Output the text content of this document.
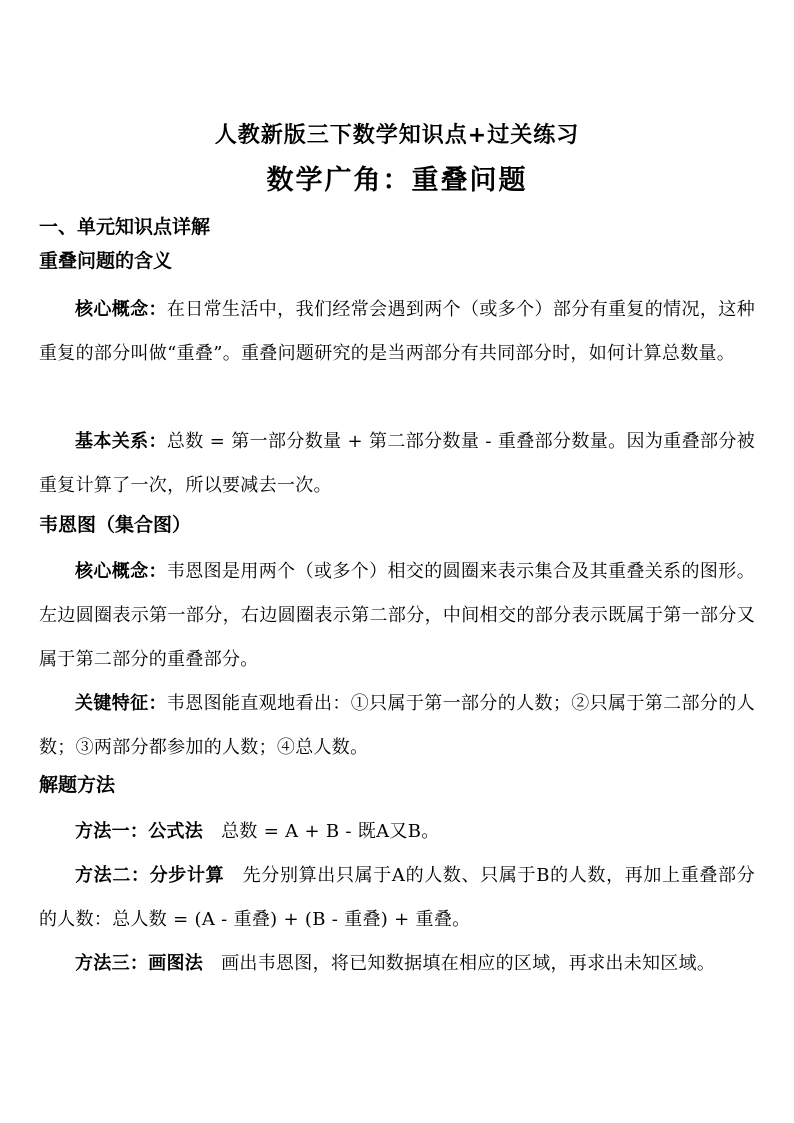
人教新版三下数学知识点+过关练习
数学广角：重叠问题
一、单元知识点详解
重叠问题的含义
核心概念：在日常生活中，我们经常会遇到两个（或多个）部分有重复的情况，这种重复的部分叫做“重叠”。重叠问题研究的是当两部分有共同部分时，如何计算总数量。
基本关系：总数 = 第一部分数量 + 第二部分数量 - 重叠部分数量。因为重叠部分被重复计算了一次，所以要减去一次。
韦恩图（集合图）
核心概念：韦恩图是用两个（或多个）相交的圆圈来表示集合及其重叠关系的图形。左边圆圈表示第一部分，右边圆圈表示第二部分，中间相交的部分表示既属于第一部分又属于第二部分的重叠部分。
关键特征：韦恩图能直观地看出：①只属于第一部分的人数；②只属于第二部分的人数；③两部分都参加的人数；④总人数。
解题方法
方法一：公式法 总数 = A + B - 既A又B。
方法二：分步计算 先分别算出只属于A的人数、只属于B的人数，再加上重叠部分的人数：总人数 = (A - 重叠) + (B - 重叠) + 重叠。
方法三：画图法 画出韦恩图，将已知数据填在相应的区域，再求出未知区域。
